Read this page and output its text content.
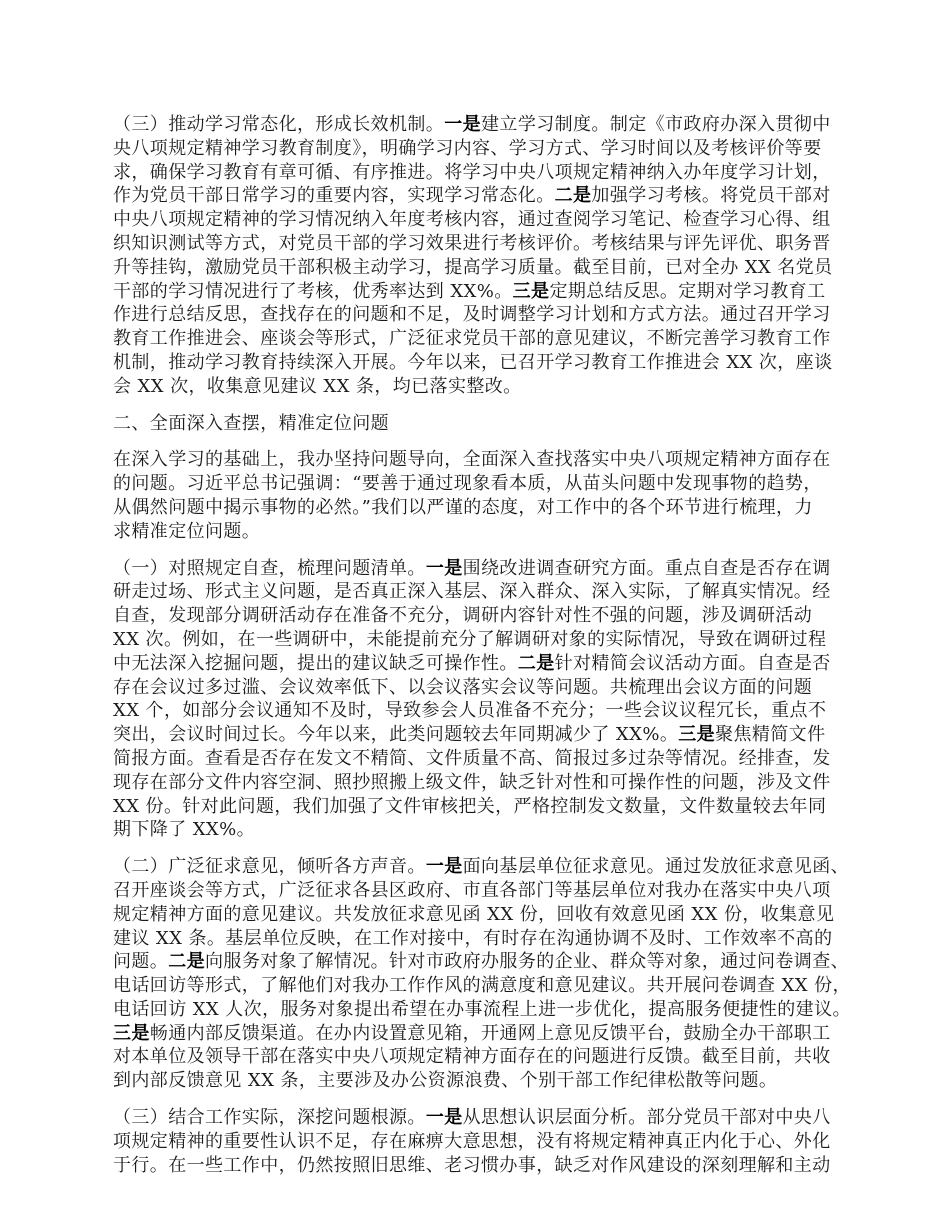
（三）推动学习常态化，形成长效机制。一是建立学习制度。制定《市政府办深入贯彻中
央八项规定精神学习教育制度》，明确学习内容、学习方式、学习时间以及考核评价等要
求，确保学习教育有章可循、有序推进。将学习中央八项规定精神纳入办年度学习计划，
作为党员干部日常学习的重要内容，实现学习常态化。二是加强学习考核。将党员干部对
中央八项规定精神的学习情况纳入年度考核内容，通过查阅学习笔记、检查学习心得、组
织知识测试等方式，对党员干部的学习效果进行考核评价。考核结果与评先评优、职务晋
升等挂钩，激励党员干部积极主动学习，提高学习质量。截至目前，已对全办 XX 名党员
干部的学习情况进行了考核，优秀率达到 XX%。三是定期总结反思。定期对学习教育工
作进行总结反思，查找存在的问题和不足，及时调整学习计划和方式方法。通过召开学习
教育工作推进会、座谈会等形式，广泛征求党员干部的意见建议，不断完善学习教育工作
机制，推动学习教育持续深入开展。今年以来，已召开学习教育工作推进会 XX 次，座谈
会 XX 次，收集意见建议 XX 条，均已落实整改。
二、全面深入查摆，精准定位问题
在深入学习的基础上，我办坚持问题导向，全面深入查找落实中央八项规定精神方面存在
的问题。习近平总书记强调：“要善于通过现象看本质，从苗头问题中发现事物的趋势，
从偶然问题中揭示事物的必然。”我们以严谨的态度，对工作中的各个环节进行梳理，力
求精准定位问题。
（一）对照规定自查，梳理问题清单。一是围绕改进调查研究方面。重点自查是否存在调
研走过场、形式主义问题，是否真正深入基层、深入群众、深入实际，了解真实情况。经
自查，发现部分调研活动存在准备不充分，调研内容针对性不强的问题，涉及调研活动
XX 次。例如，在一些调研中，未能提前充分了解调研对象的实际情况，导致在调研过程
中无法深入挖掘问题，提出的建议缺乏可操作性。二是针对精简会议活动方面。自查是否
存在会议过多过滥、会议效率低下、以会议落实会议等问题。共梳理出会议方面的问题
XX 个，如部分会议通知不及时，导致参会人员准备不充分；一些会议议程冗长，重点不
突出，会议时间过长。今年以来，此类问题较去年同期减少了 XX%。三是聚焦精简文件
简报方面。查看是否存在发文不精简、文件质量不高、简报过多过杂等情况。经排查，发
现存在部分文件内容空洞、照抄照搬上级文件，缺乏针对性和可操作性的问题，涉及文件
XX 份。针对此问题，我们加强了文件审核把关，严格控制发文数量，文件数量较去年同
期下降了 XX%。
（二）广泛征求意见，倾听各方声音。一是面向基层单位征求意见。通过发放征求意见函、
召开座谈会等方式，广泛征求各县区政府、市直各部门等基层单位对我办在落实中央八项
规定精神方面的意见建议。共发放征求意见函 XX 份，回收有效意见函 XX 份，收集意见
建议 XX 条。基层单位反映，在工作对接中，有时存在沟通协调不及时、工作效率不高的
问题。二是向服务对象了解情况。针对市政府办服务的企业、群众等对象，通过问卷调查、
电话回访等形式，了解他们对我办工作作风的满意度和意见建议。共开展问卷调查 XX 份，
电话回访 XX 人次，服务对象提出希望在办事流程上进一步优化，提高服务便捷性的建议。
三是畅通内部反馈渠道。在办内设置意见箱，开通网上意见反馈平台，鼓励全办干部职工
对本单位及领导干部在落实中央八项规定精神方面存在的问题进行反馈。截至目前，共收
到内部反馈意见 XX 条，主要涉及办公资源浪费、个别干部工作纪律松散等问题。
（三）结合工作实际，深挖问题根源。一是从思想认识层面分析。部分党员干部对中央八
项规定精神的重要性认识不足，存在麻痹大意思想，没有将规定精神真正内化于心、外化
于行。在一些工作中，仍然按照旧思维、老习惯办事，缺乏对作风建设的深刻理解和主动
